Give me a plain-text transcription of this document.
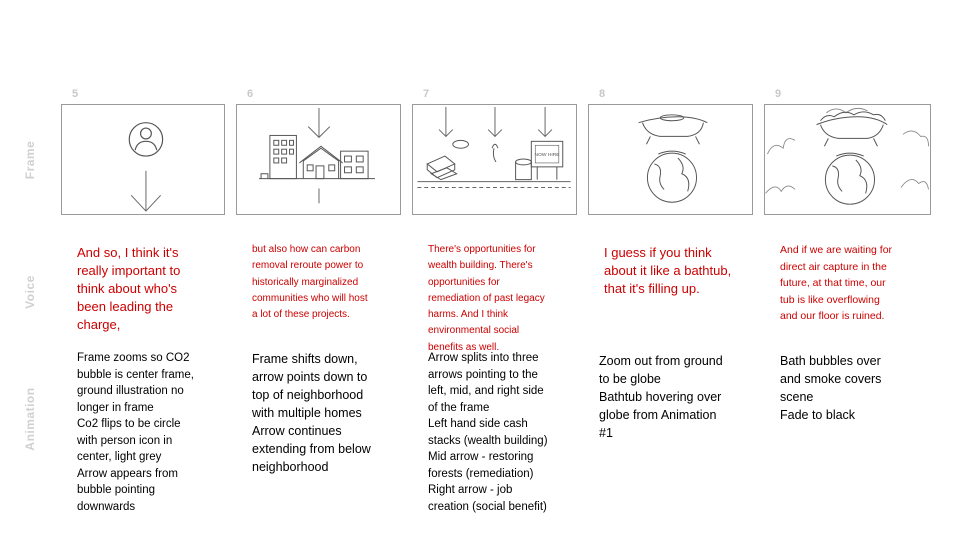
Frame
Voice
Animation
5
And so, I think it's
really important to
think about who's
been leading the
charge,
Frame zooms so CO2
bubble is center frame,
ground illustration no
longer in frame
Co2 flips to be circle
with person icon in
center, light grey
Arrow appears from
bubble pointing
downwards
6
but also how can carbon
removal reroute power to
historically marginalized
communities who will host
a lot of these projects.
Frame shifts down,
arrow points down to
top of neighborhood
with multiple homes
Arrow continues
extending from below
neighborhood
7
NOW HIRE
There's opportunities for
wealth building. There's
opportunities for
remediation of past legacy
harms. And I think
environmental social
benefits as well.
Arrow splits into three
arrows pointing to the
left, mid, and right side
of the frame
Left hand side cash
stacks (wealth building)
Mid arrow - restoring
forests (remediation)
Right arrow - job
creation (social benefit)
8
I guess if you think
about it like a bathtub,
that it's filling up.
Zoom out from ground
to be globe
Bathtub hovering over
globe from Animation
#1
9
And if we are waiting for
direct air capture in the
future, at that time, our
tub is like overflowing
and our floor is ruined.
Bath bubbles over
and smoke covers
scene
Fade to black
